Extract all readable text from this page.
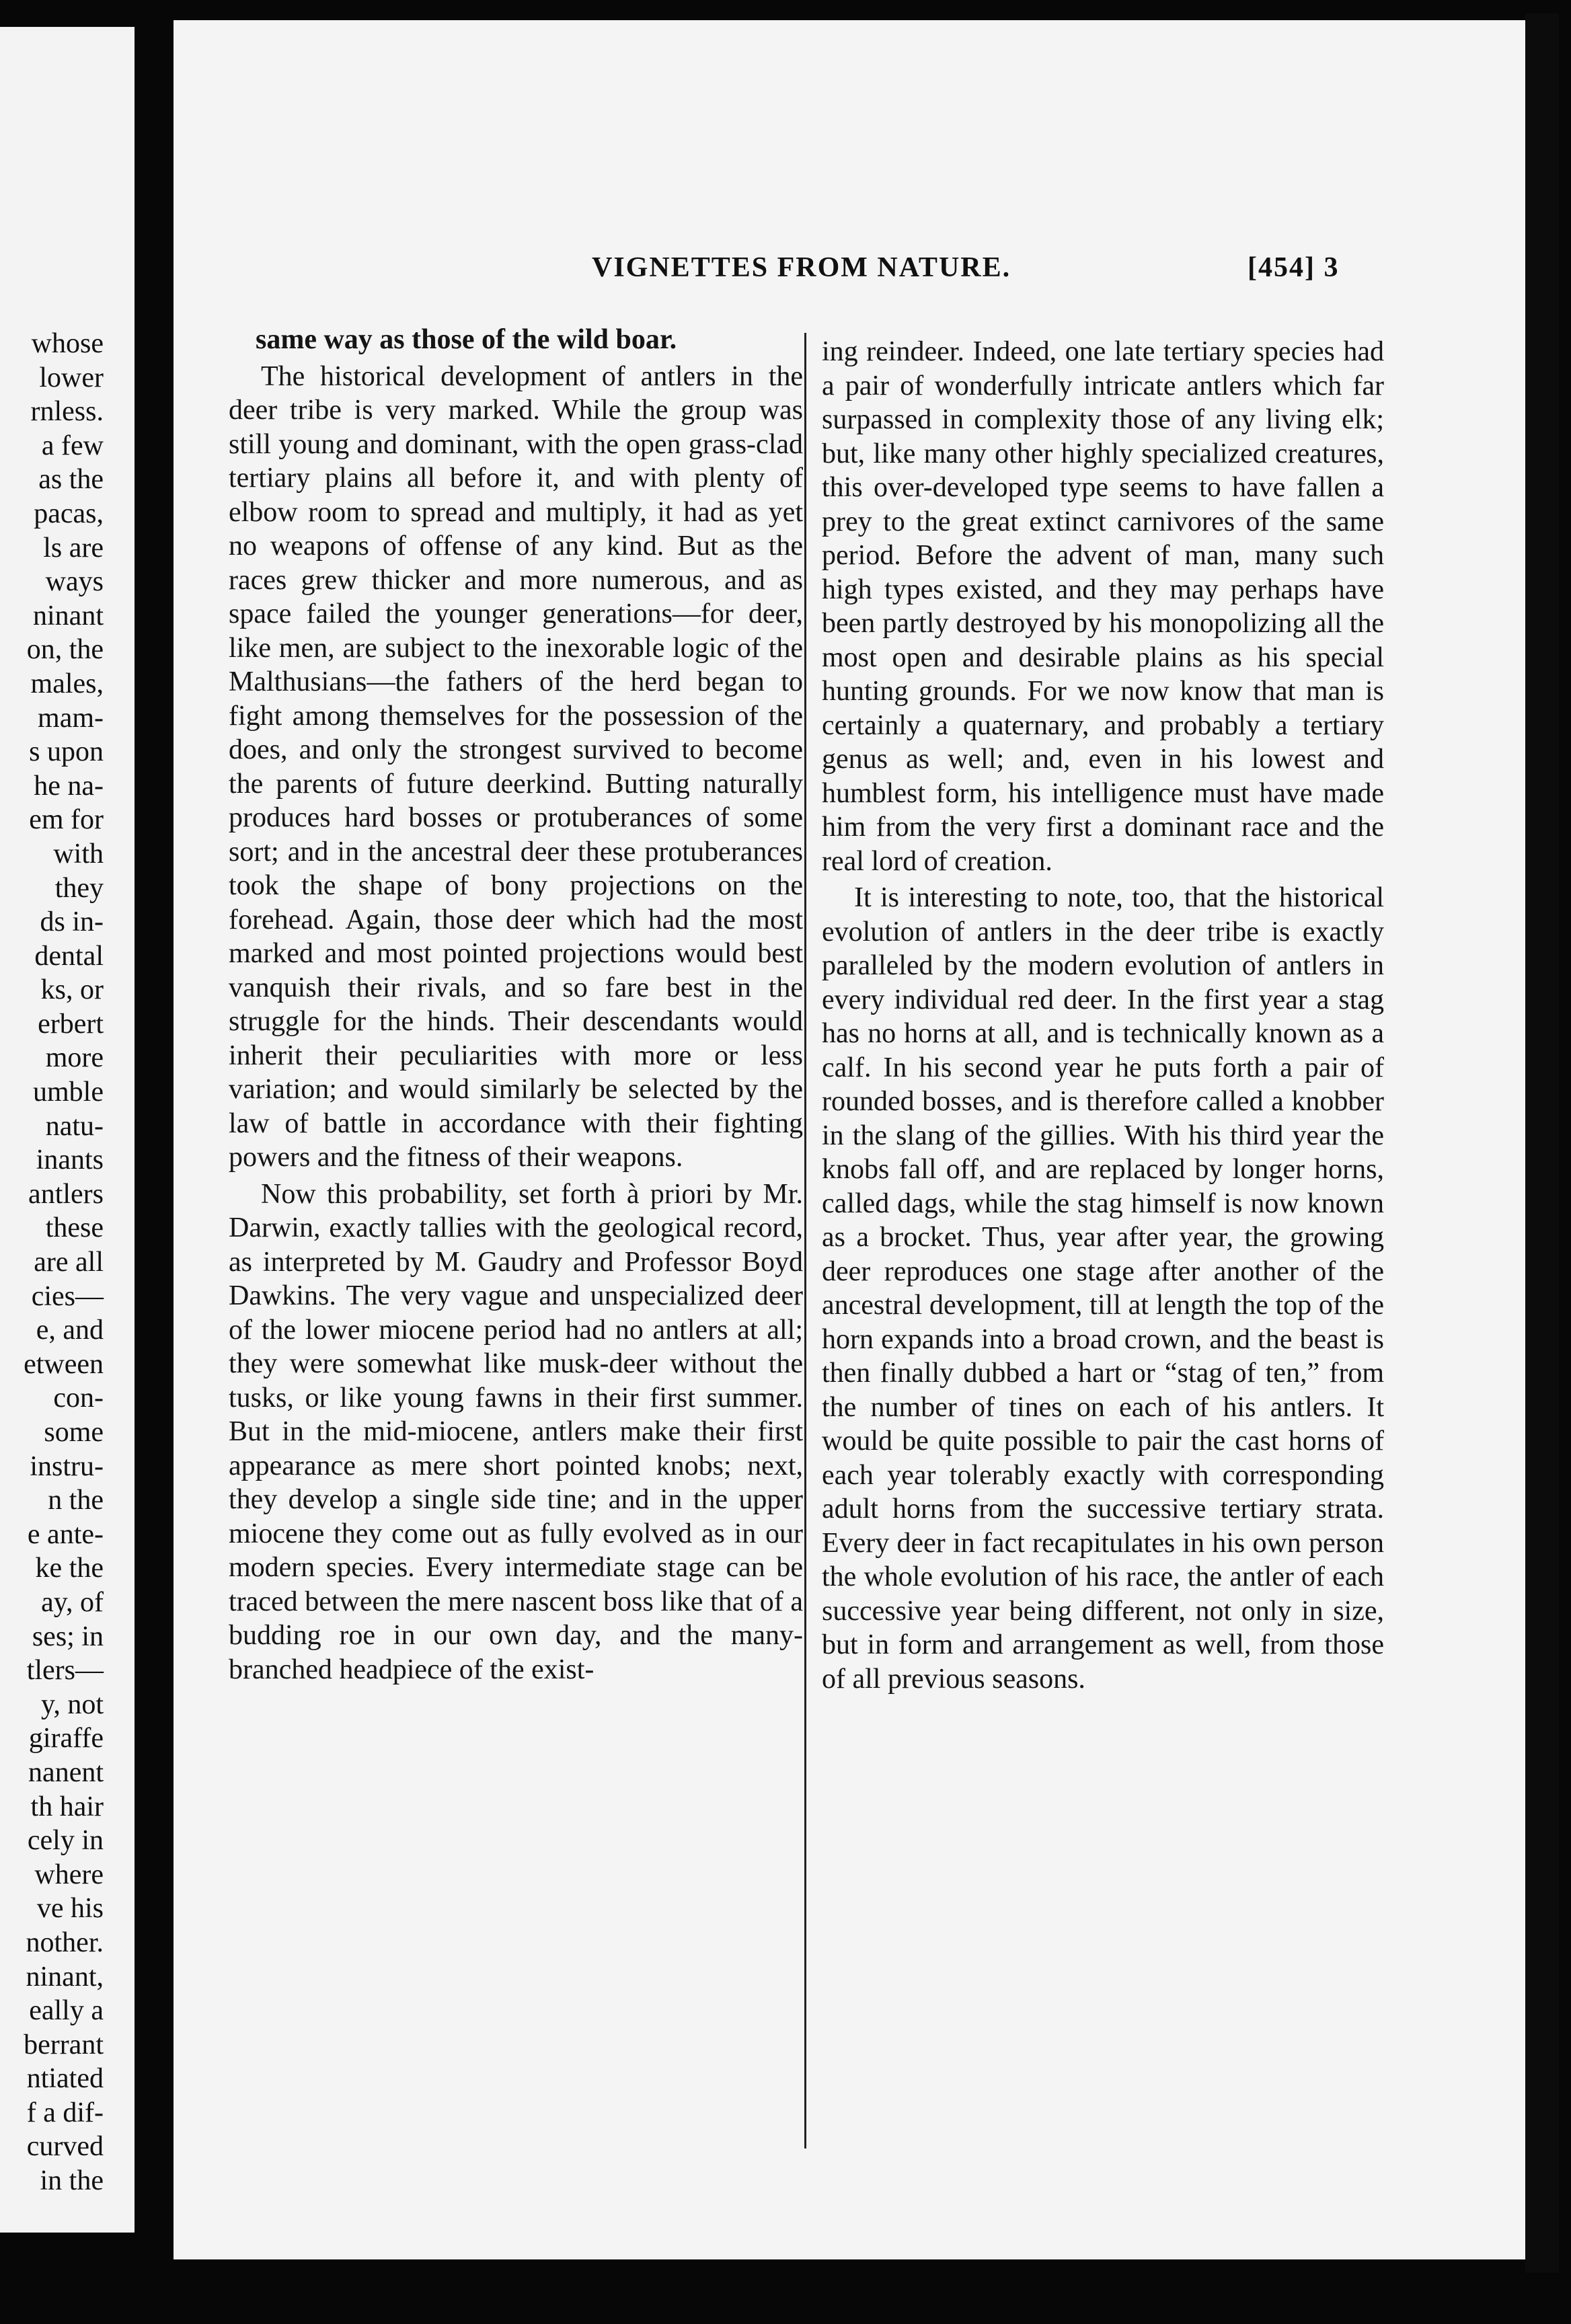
whose
lower
rnless.
a few
as the
pacas,
ls are
ways
ninant
on, the
males,
mam-
s upon
he na-
em for
with
they
ds in-
dental
ks, or
erbert
more
umble
natu-
inants
antlers
these
are all
cies—
e, and
etween
con-
some
instru-
n the
e ante-
ke the
ay, of
ses; in
tlers—
y, not
giraffe
nanent
th hair
cely in
where
ve his
nother.
ninant,
eally a
berrant
ntiated
f a dif-
curved
in the
VIGNETTES FROM NATURE.	[454] 3

same way as those of the wild boar.

The historical development of antlers in the deer tribe is very marked. While the group was still young and dominant, with the open grass-clad tertiary plains all before it, and with plenty of elbow room to spread and multiply, it had as yet no weapons of offense of any kind. But as the races grew thicker and more numerous, and as space failed the younger generations—for deer, like men, are subject to the inexorable logic of the Malthusians—the fathers of the herd began to fight among themselves for the possession of the does, and only the strongest survived to become the parents of future deerkind. Butting naturally produces hard bosses or protuberances of some sort; and in the ancestral deer these protuberances took the shape of bony projections on the forehead. Again, those deer which had the most marked and most pointed projections would best vanquish their rivals, and so fare best in the struggle for the hinds. Their descendants would inherit their peculiarities with more or less variation; and would similarly be selected by the law of battle in accordance with their fighting powers and the fitness of their weapons.

Now this probability, set forth à priori by Mr. Darwin, exactly tallies with the geological record, as interpreted by M. Gaudry and Professor Boyd Dawkins. The very vague and unspecialized deer of the lower miocene period had no antlers at all; they were somewhat like musk-deer without the tusks, or like young fawns in their first summer. But in the mid-miocene, antlers make their first appearance as mere short pointed knobs; next, they develop a single side tine; and in the upper miocene they come out as fully evolved as in our modern species. Every intermediate stage can be traced between the mere nascent boss like that of a budding roe in our own day, and the many-branched headpiece of the exist-

ing reindeer. Indeed, one late tertiary species had a pair of wonderfully intricate antlers which far surpassed in complexity those of any living elk; but, like many other highly specialized creatures, this over-developed type seems to have fallen a prey to the great extinct carnivores of the same period. Before the advent of man, many such high types existed, and they may perhaps have been partly destroyed by his monopolizing all the most open and desirable plains as his special hunting grounds. For we now know that man is certainly a quaternary, and probably a tertiary genus as well; and, even in his lowest and humblest form, his intelligence must have made him from the very first a dominant race and the real lord of creation.

It is interesting to note, too, that the historical evolution of antlers in the deer tribe is exactly paralleled by the modern evolution of antlers in every individual red deer. In the first year a stag has no horns at all, and is technically known as a calf. In his second year he puts forth a pair of rounded bosses, and is therefore called a knobber in the slang of the gillies. With his third year the knobs fall off, and are replaced by longer horns, called dags, while the stag himself is now known as a brocket. Thus, year after year, the growing deer reproduces one stage after another of the ancestral development, till at length the top of the horn expands into a broad crown, and the beast is then finally dubbed a hart or “stag of ten,” from the number of tines on each of his antlers. It would be quite possible to pair the cast horns of each year tolerably exactly with corresponding adult horns from the successive tertiary strata. Every deer in fact recapitulates in his own person the whole evolution of his race, the antler of each successive year being different, not only in size, but in form and arrangement as well, from those of all previous seasons.
